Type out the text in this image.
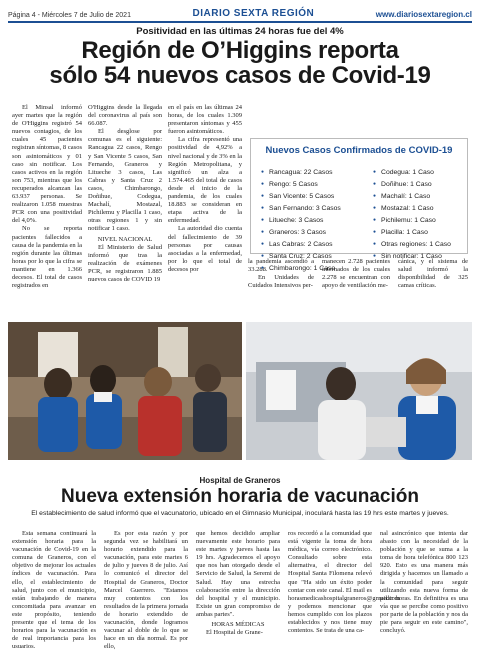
Página 4 - Miércoles 7 de Julio de 2021	DIARIO SEXTA REGIÓN	www.diariosextaregion.cl
Positividad en las últimas 24 horas fue del 4%
Región de O’Higgins reporta
sólo 54 nuevos casos de Covid-19

El Minsal informó ayer martes que la región de O'Higgins registró 54 nuevos contagios, de los cuales 45 pacientes registran síntomas, 8 casos son asintomáticos y 01 caso sin notificar. Los casos activos en la región son 753, mientras que los recuperados alcanzan las 63.937 personas. Se realizaron 1.058 muestras PCR con una positividad del 4,0%.

No se reporta pacientes fallecidos a causa de la pandemia en la región durante las últimas horas por lo que la cifra se mantiene en 1.366 decesos. El total de casos registrados en

O'Higgins desde la llegada del coronavirus al país son 66.087.

El desglose por comunas es el siguiente: Rancagua 22 casos, Rengo y San Vicente 5 casos, San Fernando, Graneros y Litueche 3 casos, Las Cabras y Santa Cruz 2 casos, Chimbarongo, Doñihue, Codegua, Machalí, Mostazal, Pichilemu y Placilla 1 caso, otras regiones 1 y sin notificar 1 caso.

NIVEL NACIONAL

El Ministerio de Salud informó que tras la realización de exámenes PCR, se registraron 1.885 nuevos casos de COVID 19

en el país en las últimas 24 horas, de los cuales 1.309 presentaron síntomas y 455 fueron asintomáticos.

La cifra representó una positividad de 4,92% a nivel nacional y de 3% en la Región Metropolitana, y significó un alza a 1.574.465 del total de casos desde el inicio de la pandemia, de los cuales 18.883 se consideran en etapa activa de la enfermedad.

La autoridad dio cuenta del fallecimiento de 39 personas por causas asociadas a la enfermedad, por lo que el total de decesos por

la pandemia ascendió a 33.288.

En Unidades de Cuidados Intensivos per-

manecen 2.728 pacientes internados de los cuales 2.278 se encuentran con apoyo de ventilación me-

cánica, y el sistema de salud informó la disponibilidad de 325 camas críticas.

Nuevos Casos Confirmados de COVID-19
● Rancagua: 22 Casos
● Rengo: 5 Casos
● San Vicente: 5 Casos
● San Fernando: 3 Casos
● Litueche: 3 Casos
● Graneros: 3 Casos
● Las Cabras: 2 Casos
● Santa Cruz: 2 Casos
● Chimbarongo: 1 Caso
● Codegua: 1 Caso
● Doñihue: 1 Caso
● Machalí: 1 Caso
● Mostazal: 1 Caso
● Pichilemu: 1 Caso
● Placilla: 1 Caso
● Otras regiones: 1 Caso
● Sin notificar: 1 Caso
Hospital de Graneros
Nueva extensión horaria de vacunación
El establecimiento de salud informó que el vacunatorio, ubicado en el Gimnasio Municipal, inoculará hasta las 19 hrs este martes y jueves.

Esta semana continuará la extensión horaria para la vacunación de Covid-19 en la comuna de Graneros, con el objetivo de mejorar los actuales índices de vacunación. Para ello, el establecimiento de salud, junto con el municipio, están trabajando de manera concomitada para avanzar en este propósito, teniendo presente que el tema de los horarios para la vacunación es de real importancia para los usuarios.

Es por esta razón y por segunda vez se habilitará un horario extendido para la vacunación, para este martes 6 de julio y jueves 8 de julio. Así lo comunicó el director del Hospital de Graneros, Doctor Marcel Guerrero. "Estamos muy contentos con los resultados de la primera jornada de horario extendido de vacunación, donde logramos vacunar al doble de lo que se hace en un día normal. Es por ello,

que hemos decidido ampliar nuevamente este horario para este martes y jueves hasta las 19 hrs. Agradecemos el apoyo que nos han otorgado desde el Servicio de Salud, la Seremi de Salud. Hay una estrecha colaboración entre la dirección del hospital y el municipio. Existe un gran compromiso de ambas partes".

HORAS MÉDICAS

El Hospital de Grane-

ros recordó a la comunidad que está vigente la toma de hora médica, vía correo electrónico. Consultado sobre esta alternativa, el director del Hospital Santa Filomena relevó que "Ha sido un éxito poder contar con este canal. El mail es horasmedicashospitalgraneros@gmail.com y podemos mencionar que hemos cumplido con los plazos establecidos y nos tiene muy contentos. Se trata de una ca-

nal asincrónico que intenta dar abasto con la necesidad de la población y que se suma a la toma de hora telefónica 800 123 920. Esto es una manera más dirigida y hacemos un llamado a la comunidad para seguir utilizando esta nueva forma de pedir horas. En definitiva es una vía que se percibe como positivo por parte de la población y nos da pie para seguir en este camino", concluyó.
